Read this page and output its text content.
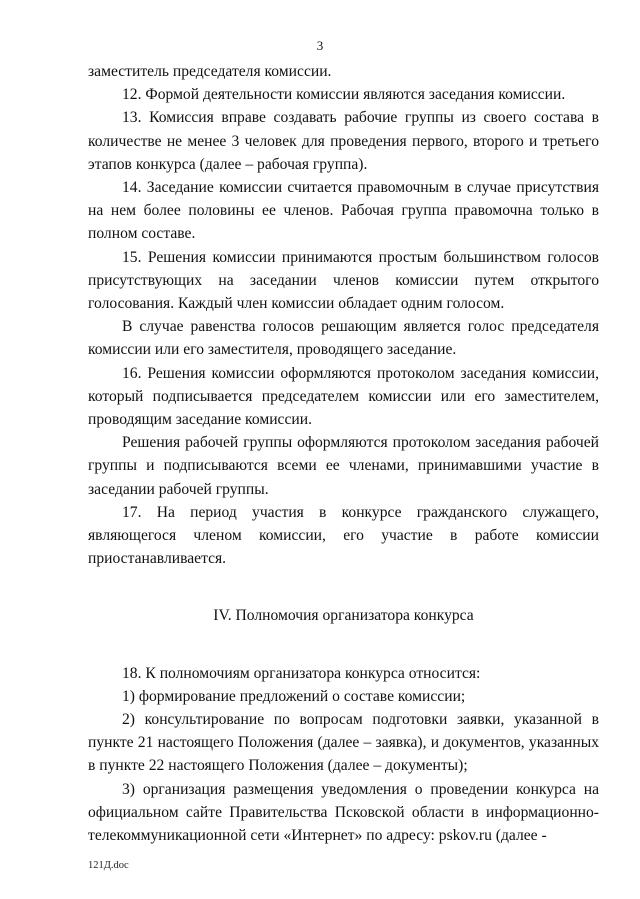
3

заместитель председателя комиссии.

12. Формой деятельности комиссии являются заседания комиссии.

13. Комиссия вправе создавать рабочие группы из своего состава в количестве не менее 3 человек для проведения первого, второго и третьего этапов конкурса (далее – рабочая группа).

14. Заседание комиссии считается правомочным в случае присутствия на нем более половины ее членов. Рабочая группа правомочна только в полном составе.

15. Решения комиссии принимаются простым большинством голосов присутствующих на заседании членов комиссии путем открытого голосования. Каждый член комиссии обладает одним голосом.

В случае равенства голосов решающим является голос председателя комиссии или его заместителя, проводящего заседание.

16. Решения комиссии оформляются протоколом заседания комиссии, который подписывается председателем комиссии или его заместителем, проводящим заседание комиссии.

Решения рабочей группы оформляются протоколом заседания рабочей группы и подписываются всеми ее членами, принимавшими участие в заседании рабочей группы.

17. На период участия в конкурсе гражданского служащего, являющегося членом комиссии, его участие в работе комиссии приостанавливается.

IV. Полномочия организатора конкурса

18. К полномочиям организатора конкурса относится:

1) формирование предложений о составе комиссии;

2) консультирование по вопросам подготовки заявки, указанной в пункте 21 настоящего Положения (далее – заявка), и документов, указанных в пункте 22 настоящего Положения (далее – документы);

3) организация размещения уведомления о проведении конкурса на официальном сайте Правительства Псковской области в информационно-телекоммуникационной сети «Интернет» по адресу: pskov.ru (далее -

121Д.doc
